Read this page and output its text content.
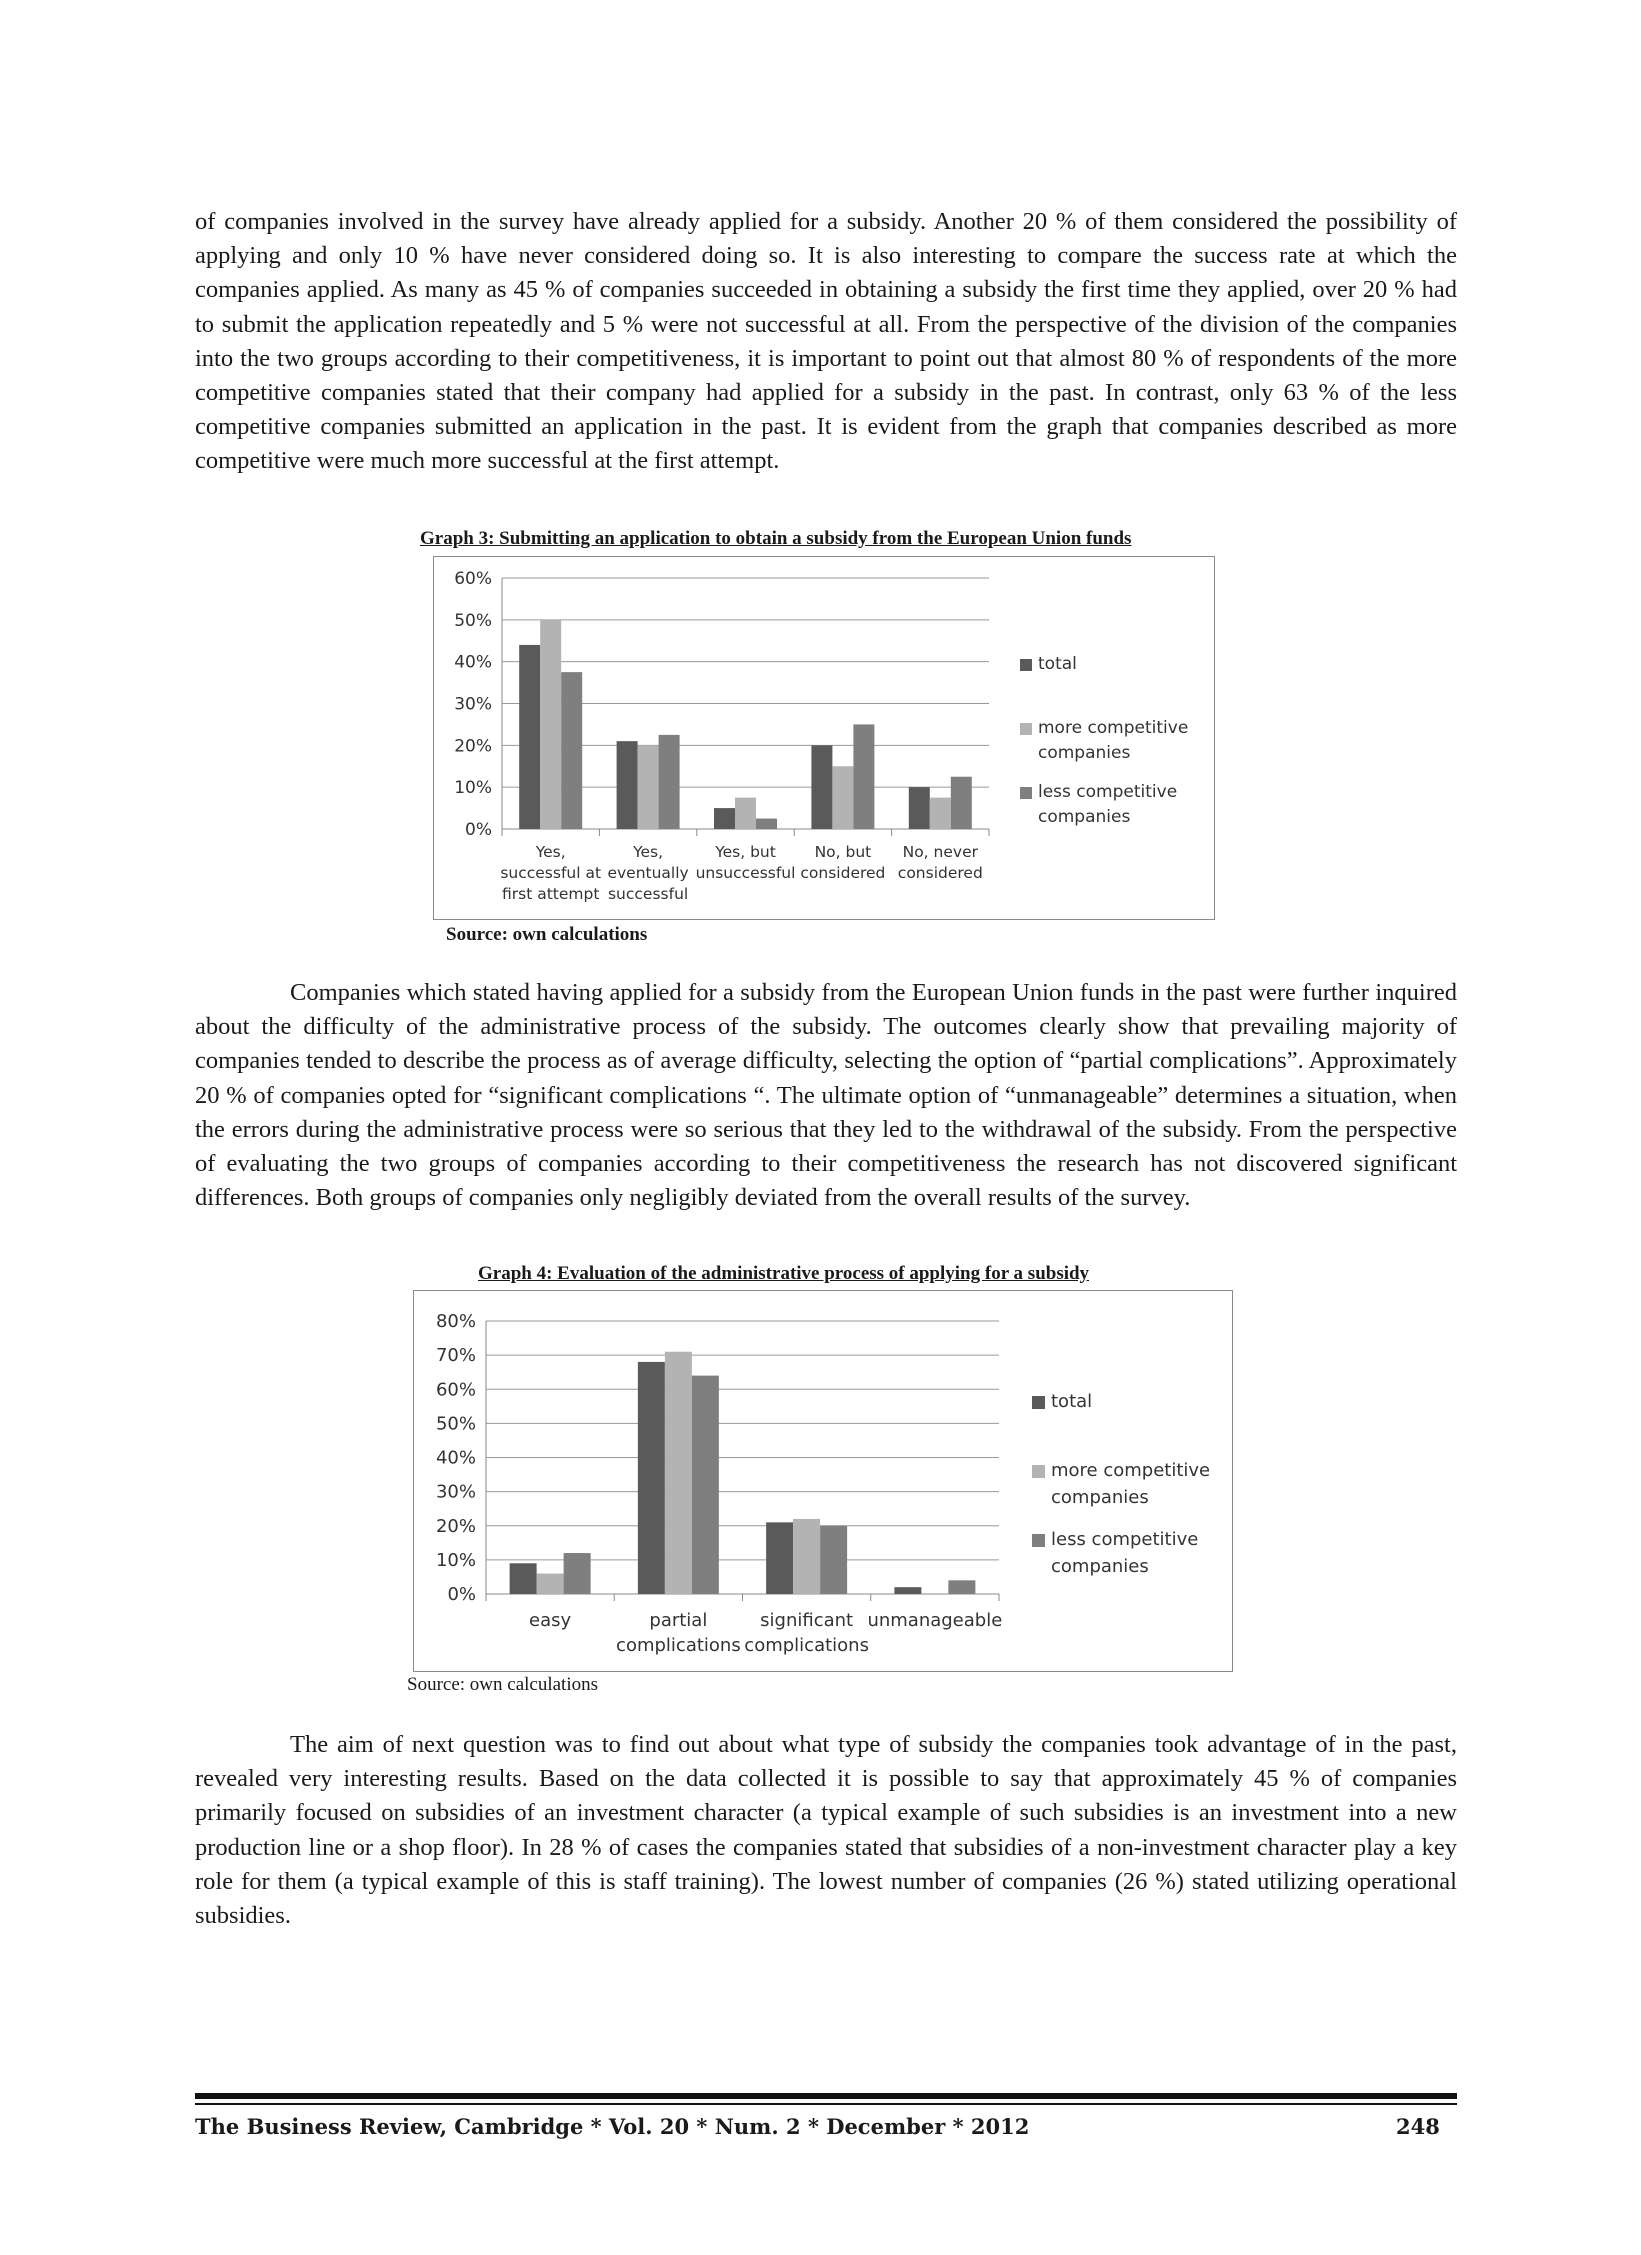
of companies involved in the survey have already applied for a subsidy. Another 20 % of them considered the possibility of applying and only 10 % have never considered doing so. It is also interesting to compare the success rate at which the companies applied. As many as 45 % of companies succeeded in obtaining a subsidy the first time they applied, over 20 % had to submit the application repeatedly and 5 % were not successful at all. From the perspective of the division of the companies into the two groups according to their competitiveness, it is important to point out that almost 80 % of respondents of the more competitive companies stated that their company had applied for a subsidy in the past. In contrast, only 63 % of the less competitive companies submitted an application in the past. It is evident from the graph that companies described as more competitive were much more successful at the first attempt.

Graph 3: Submitting an application to obtain a subsidy from the European Union funds

0%
10%
20%
30%
40%
50%
60%
Yes,
successful at
first attempt
Yes,
eventually
successful
Yes, but
unsuccessful
No, but
considered
No, never
considered
total
more competitive
companies
less competitive
companies

Source: own calculations

Companies which stated having applied for a subsidy from the European Union funds in the past were further inquired about the difficulty of the administrative process of the subsidy. The outcomes clearly show that prevailing majority of companies tended to describe the process as of average difficulty, selecting the option of “partial complications”. Approximately 20 % of companies opted for “significant complications “. The ultimate option of “unmanageable” determines a situation, when the errors during the administrative process were so serious that they led to the withdrawal of the subsidy. From the perspective of evaluating the two groups of companies according to their competitiveness the research has not discovered significant differences. Both groups of companies only negligibly deviated from the overall results of the survey.

Graph 4: Evaluation of the administrative process of applying for a subsidy

0%
10%
20%
30%
40%
50%
60%
70%
80%
easy	partial
complications
significant
complications
unmanageable
total
more competitive
companies
less competitive
companies

Source: own calculations

The aim of next question was to find out about what type of subsidy the companies took advantage of in the past, revealed very interesting results. Based on the data collected it is possible to say that approximately 45 % of companies primarily focused on subsidies of an investment character (a typical example of such subsidies is an investment into a new production line or a shop floor). In 28 % of cases the companies stated that subsidies of a non-investment character play a key role for them (a typical example of this is staff training). The lowest number of companies (26 %) stated utilizing operational subsidies.

The Business Review, Cambridge * Vol. 20 * Num. 2 * December * 2012	248
